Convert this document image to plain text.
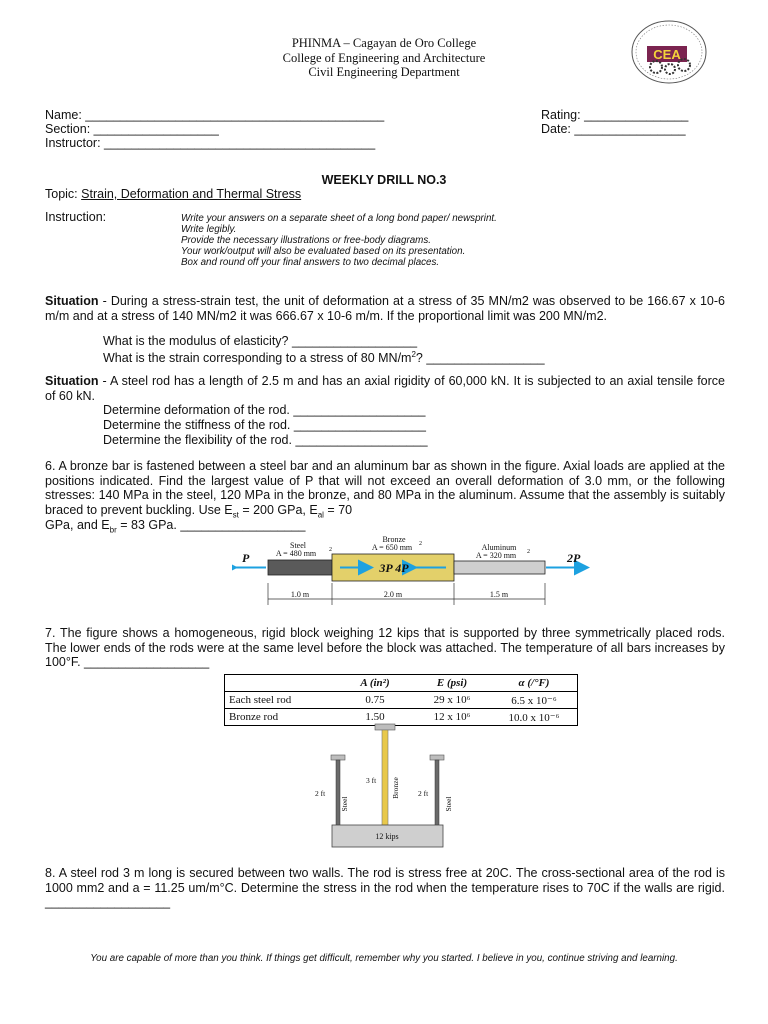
PHINMA – Cagayan de Oro College
College of Engineering and Architecture
Civil Engineering Department
CEA
Name: ___________________________________________
Section: __________________
Instructor: _______________________________________
Rating: _______________
Date: ________________
WEEKLY DRILL NO.3
Topic: Strain, Deformation and Thermal Stress
Instruction:	Write your answers on a separate sheet of a long bond paper/ newsprint.
Write legibly.
Provide the necessary illustrations or free-body diagrams.
Your work/output will also be evaluated based on its presentation.
Box and round off your final answers to two decimal places.
Situation - During a stress-strain test, the unit of deformation at a stress of 35 MN/m2 was observed to be 166.67 x 10-6 m/m and at a stress of 140 MN/m2 it was 666.67 x 10-6 m/m. If the proportional limit was 200 MN/m2.
What is the modulus of elasticity? __________________
What is the strain corresponding to a stress of 80 $MN/m^2$? _________________
Situation - A steel rod has a length of 2.5 m and has an axial rigidity of 60,000 kN. It is subjected to an axial tensile force of 60 kN.
Determine deformation of the rod. ___________________
Determine the stiffness of the rod. ___________________
Determine the flexibility of the rod. ___________________
6. A bronze bar is fastened between a steel bar and an aluminum bar as shown in the figure. Axial loads are applied at the positions indicated. Find the largest value of P that will not exceed an overall deformation of 3.0 mm, or the following stresses: 140 MPa in the steel, 120 MPa in the bronze, and 80 MPa in the aluminum. Assume that the assembly is suitably braced to prevent buckling. Use $E_{st} = 200$ GPa, $E_{al} = 70$
GPa, and $E_{br} = 83$ GPa. __________________
Steel
A = 480 mm 2
Bronze
A = 650 mm 2	Aluminum
A = 320 mm 2
P
3P 4P
2P
1.0 m	2.0 m	1.5 m
7. The figure shows a homogeneous, rigid block weighing 12 kips that is supported by three symmetrically placed rods. The lower ends of the rods were at the same level before the block was attached. The temperature of all bars increases by 100°F. __________________
	A (in²)	E (psi)	α (/°F)
Each steel rod	0.75	29 x 10⁶	6.5 x 10⁻⁶
Bronze rod	1.50	12 x 10⁶	10.0 x 10⁻⁶
2 ft
3 ft
2 ft
12 kips
Steel
Bronze
Steel
8. A steel rod 3 m long is secured between two walls. The rod is stress free at 20C. The cross-sectional area of the rod is 1000 mm2 and a = 11.25 um/m°C. Determine the stress in the rod when the temperature rises to 70C if the walls are rigid. __________________
You are capable of more than you think. If things get difficult, remember why you started. I believe in you, continue striving and learning.
